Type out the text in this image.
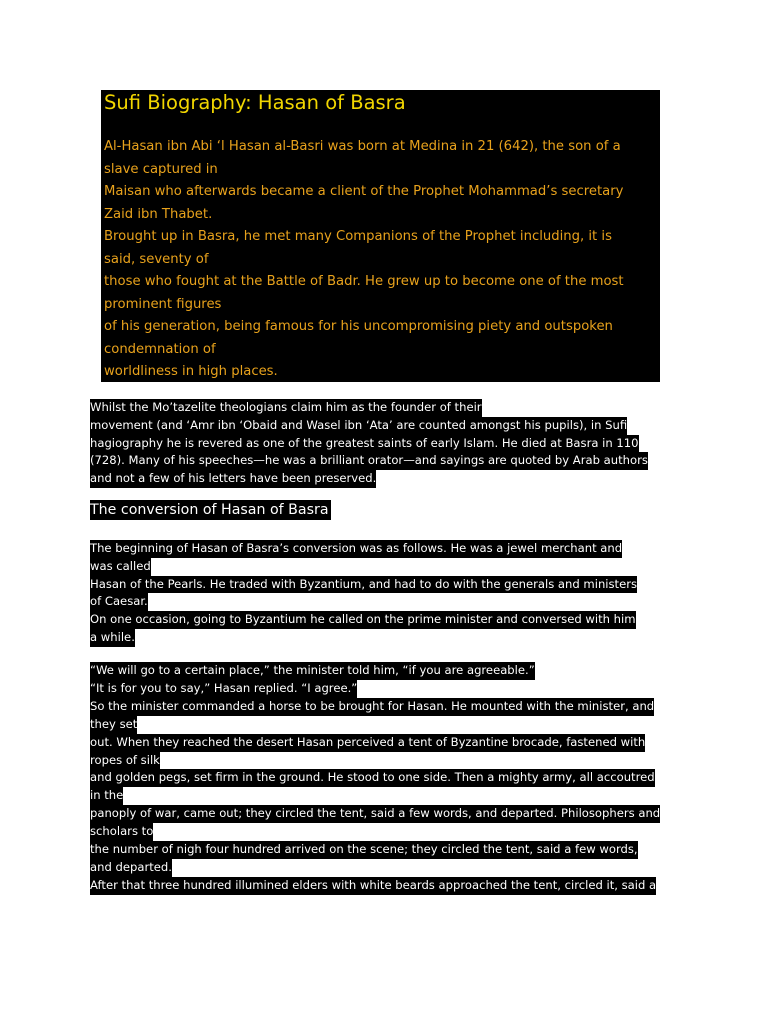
Sufi Biography: Hasan of Basra
Al-Hasan ibn Abi ‘l Hasan al-Basri was born at Medina in 21 (642), the son of a
slave captured in
Maisan who afterwards became a client of the Prophet Mohammad’s secretary
Zaid ibn Thabet.
Brought up in Basra, he met many Companions of the Prophet including, it is
said, seventy of
those who fought at the Battle of Badr. He grew up to become one of the most
prominent figures
of his generation, being famous for his uncompromising piety and outspoken
condemnation of
worldliness in high places.
Whilst the Mo’tazelite theologians claim him as the founder of their
movement (and ‘Amr ibn ‘Obaid and Wasel ibn ‘Ata’ are counted amongst his pupils), in Sufi
hagiography he is revered as one of the greatest saints of early Islam. He died at Basra in 110
(728). Many of his speeches—he was a brilliant orator—and sayings are quoted by Arab authors
and not a few of his letters have been preserved.
The conversion of Hasan of Basra
The beginning of Hasan of Basra’s conversion was as follows. He was a jewel merchant and
was called
Hasan of the Pearls. He traded with Byzantium, and had to do with the generals and ministers
of Caesar.
On one occasion, going to Byzantium he called on the prime minister and conversed with him
a while.
“We will go to a certain place,” the minister told him, “if you are agreeable.”
“It is for you to say,” Hasan replied. “I agree.”
So the minister commanded a horse to be brought for Hasan. He mounted with the minister, and
they set
out. When they reached the desert Hasan perceived a tent of Byzantine brocade, fastened with
ropes of silk
and golden pegs, set firm in the ground. He stood to one side. Then a mighty army, all accoutred
in the
panoply of war, came out; they circled the tent, said a few words, and departed. Philosophers and
scholars to
the number of nigh four hundred arrived on the scene; they circled the tent, said a few words,
and departed.
After that three hundred illumined elders with white beards approached the tent, circled it, said a
